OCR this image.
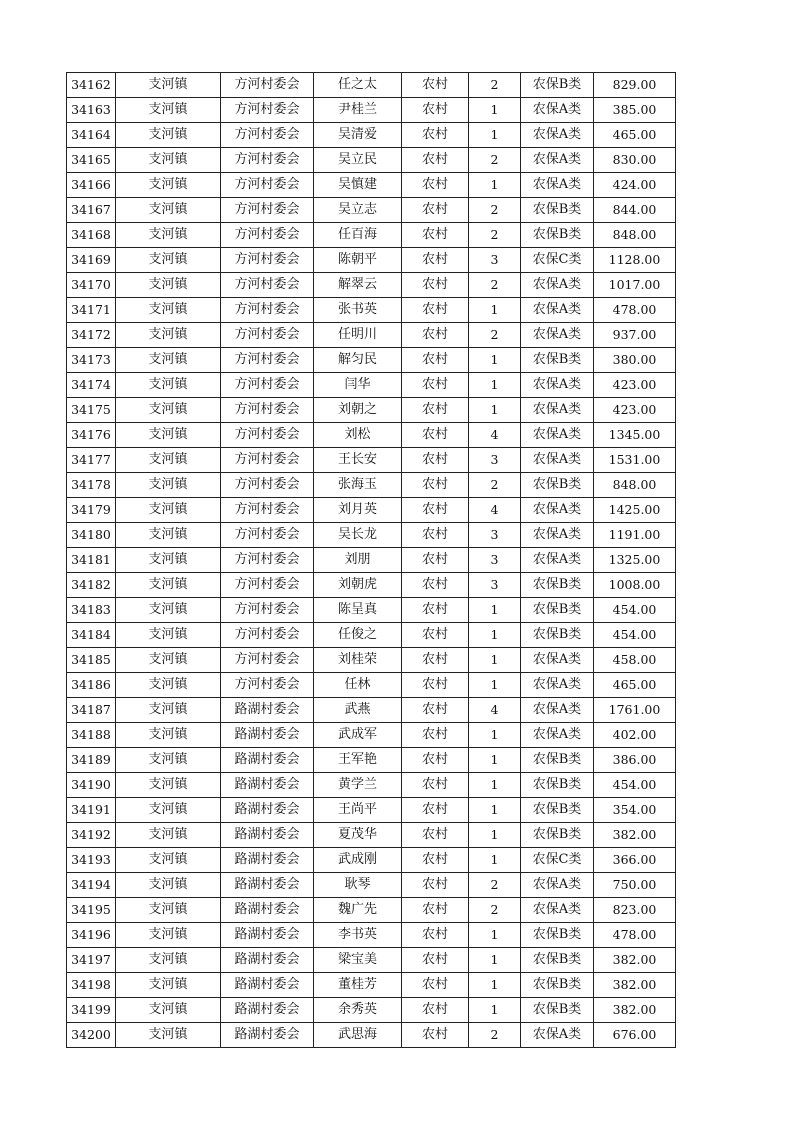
34162	支河镇	方河村委会	任之太	农村	2	农保B类	829.00
34163	支河镇	方河村委会	尹桂兰	农村	1	农保A类	385.00
34164	支河镇	方河村委会	吴清爱	农村	1	农保A类	465.00
34165	支河镇	方河村委会	吴立民	农村	2	农保A类	830.00
34166	支河镇	方河村委会	吴慎建	农村	1	农保A类	424.00
34167	支河镇	方河村委会	吴立志	农村	2	农保B类	844.00
34168	支河镇	方河村委会	任百海	农村	2	农保B类	848.00
34169	支河镇	方河村委会	陈朝平	农村	3	农保C类	1128.00
34170	支河镇	方河村委会	解翠云	农村	2	农保A类	1017.00
34171	支河镇	方河村委会	张书英	农村	1	农保A类	478.00
34172	支河镇	方河村委会	任明川	农村	2	农保A类	937.00
34173	支河镇	方河村委会	解匀民	农村	1	农保B类	380.00
34174	支河镇	方河村委会	闫华	农村	1	农保A类	423.00
34175	支河镇	方河村委会	刘朝之	农村	1	农保A类	423.00
34176	支河镇	方河村委会	刘松	农村	4	农保A类	1345.00
34177	支河镇	方河村委会	王长安	农村	3	农保A类	1531.00
34178	支河镇	方河村委会	张海玉	农村	2	农保B类	848.00
34179	支河镇	方河村委会	刘月英	农村	4	农保A类	1425.00
34180	支河镇	方河村委会	吴长龙	农村	3	农保A类	1191.00
34181	支河镇	方河村委会	刘朋	农村	3	农保A类	1325.00
34182	支河镇	方河村委会	刘朝虎	农村	3	农保B类	1008.00
34183	支河镇	方河村委会	陈呈真	农村	1	农保B类	454.00
34184	支河镇	方河村委会	任俊之	农村	1	农保B类	454.00
34185	支河镇	方河村委会	刘桂荣	农村	1	农保A类	458.00
34186	支河镇	方河村委会	任林	农村	1	农保A类	465.00
34187	支河镇	路湖村委会	武燕	农村	4	农保A类	1761.00
34188	支河镇	路湖村委会	武成军	农村	1	农保A类	402.00
34189	支河镇	路湖村委会	王军艳	农村	1	农保B类	386.00
34190	支河镇	路湖村委会	黄学兰	农村	1	农保B类	454.00
34191	支河镇	路湖村委会	王尚平	农村	1	农保B类	354.00
34192	支河镇	路湖村委会	夏茂华	农村	1	农保B类	382.00
34193	支河镇	路湖村委会	武成刚	农村	1	农保C类	366.00
34194	支河镇	路湖村委会	耿琴	农村	2	农保A类	750.00
34195	支河镇	路湖村委会	魏广先	农村	2	农保A类	823.00
34196	支河镇	路湖村委会	李书英	农村	1	农保B类	478.00
34197	支河镇	路湖村委会	梁宝美	农村	1	农保B类	382.00
34198	支河镇	路湖村委会	董桂芳	农村	1	农保B类	382.00
34199	支河镇	路湖村委会	余秀英	农村	1	农保B类	382.00
34200	支河镇	路湖村委会	武思海	农村	2	农保A类	676.00
